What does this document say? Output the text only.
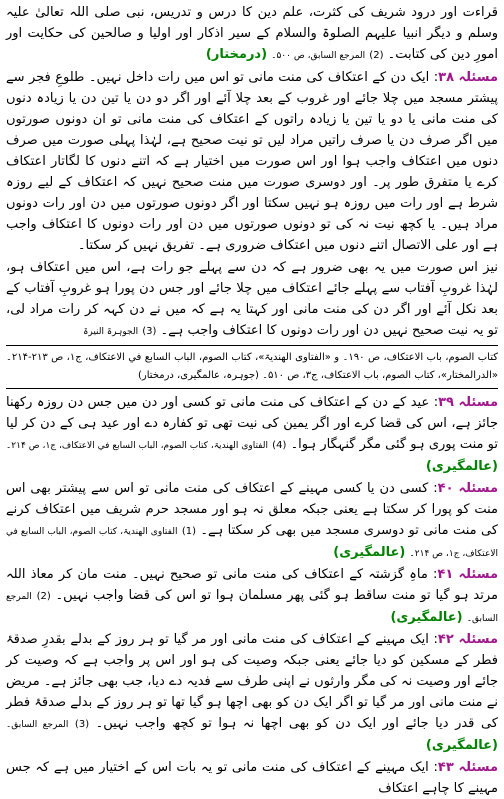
قراءت اور درود شریف کی کثرت، علم دین کا درس و تدریس، نبی صلی اللہ تعالیٰ علیہ وسلم و دیگر انبیا علیہم الصلوۃ والسلام کے سیر اذکار اور اولیا و صالحین کی حکایت اور امورِ دین کی کتابت۔ (2) المرجع السابق، ص ۵۰۰۔ (درمختار)

مسئلہ ۳۸: ایک دن کے اعتکاف کی منت مانی تو اس میں رات داخل نہیں۔ طلوعِ فجر سے پیشتر مسجد میں چلا جائے اور غروب کے بعد چلا آئے اور اگر دو دن یا تین دن یا زیادہ دنوں کی منت مانی یا دو یا تین یا زیادہ راتوں کے اعتکاف کی منت مانی تو ان دونوں صورتوں میں اگر صرف دن یا صرف راتیں مراد لیں تو نیت صحیح ہے، لہٰذا پہلی صورت میں صرف دنوں میں اعتکاف واجب ہوا اور اس صورت میں اختیار ہے کہ اتنے دنوں کا لگاتار اعتکاف کرے یا متفرق طور پر۔ اور دوسری صورت میں منت صحیح نہیں کہ اعتکاف کے لیے روزہ شرط ہے اور رات میں روزہ ہو نہیں سکتا اور اگر دونوں صورتوں میں دن اور رات دونوں مراد ہیں۔ یا کچھ نیت نہ کی تو دونوں صورتوں میں دن اور رات دونوں کا اعتکاف واجب ہے اور علی الاتصال اتنے دنوں میں اعتکاف ضروری ہے۔ تفریق نہیں کر سکتا۔

نیز اس صورت میں یہ بھی ضرور ہے کہ دن سے پہلے جو رات ہے، اس میں اعتکاف ہو، لہٰذا غروبِ آفتاب سے پہلے جائے اعتکاف میں چلا جائے اور جس دن پورا ہو غروبِ آفتاب کے بعد نکل آئے اور اگر دن کی منت مانی اور کہتا یہ ہے کہ میں نے دن کہہ کر رات مراد لی، تو یہ نیت صحیح نہیں دن اور رات دونوں کا اعتکاف واجب ہے۔ (3) الجوہرۃ النیرۃ

کتاب الصوم، باب الاعتکاف، ص ۱۹۰۔ و «الفتاوی الھندیۃ»، کتاب الصوم، الباب السابع في الاعتکاف، ج۱، ص ۲۱۳-۲۱۴۔ «الدرالمختار»، کتاب الصوم، باب الاعتکاف، ج۳، ص ۵۱۰۔ (جوہرہ، عالمگیری، درمختار)

مسئلہ ۳۹: عید کے دن کے اعتکاف کی منت مانی تو کسی اور دن میں جس دن روزہ رکھنا جائز ہے، اس کی قضا کرے اور اگر یمین کی نیت تھی تو کفارہ دے اور عید ہی کے دن کر لیا تو منت پوری ہو گئی مگر گنہگار ہوا۔ (4) الفتاوی الھندیۃ، کتاب الصوم، الباب السابع في الاعتکاف، ج۱، ص ۲۱۴۔ (عالمگیری)

مسئلہ ۴۰: کسی دن یا کسی مہینے کے اعتکاف کی منت مانی تو اس سے پیشتر بھی اس منت کو پورا کر سکتا ہے یعنی جبکہ معلق نہ ہو اور مسجد حرم شریف میں اعتکاف کرنے کی منت مانی تو دوسری مسجد میں بھی کر سکتا ہے۔ (1) الفتاوی الھندیۃ، کتاب الصوم، الباب السابع في الاعتکاف، ج۱، ص ۲۱۴۔ (عالمگیری)

مسئلہ ۴۱: ماہِ گزشتہ کے اعتکاف کی منت مانی تو صحیح نہیں۔ منت مان کر معاذ اللہ مرتد ہو گیا تو منت ساقط ہو گئی پھر مسلمان ہوا تو اس کی قضا واجب نہیں۔ (2) المرجع السابق۔ (عالمگیری)

مسئلہ ۴۲: ایک مہینے کے اعتکاف کی منت مانی اور مر گیا تو ہر روز کے بدلے بقدرِ صدقۂ فطر کے مسکین کو دیا جائے یعنی جبکہ وصیت کی ہو اور اس پر واجب ہے کہ وصیت کر جائے اور وصیت نہ کی مگر وارثوں نے اپنی طرف سے فدیہ دے دیا، جب بھی جائز ہے۔ مریض نے منت مانی اور مر گیا تو اگر ایک دن کو بھی اچھا ہو گیا تھا تو ہر روز کے بدلے صدقۂ فطر کی قدر دیا جائے اور ایک دن کو بھی اچھا نہ ہوا تو کچھ واجب نہیں۔ (3) المرجع السابق۔ (عالمگیری)

مسئلہ ۴۳: ایک مہینے کے اعتکاف کی منت مانی تو یہ بات اس کے اختیار میں ہے کہ جس مہینے کا چاہے اعتکاف
